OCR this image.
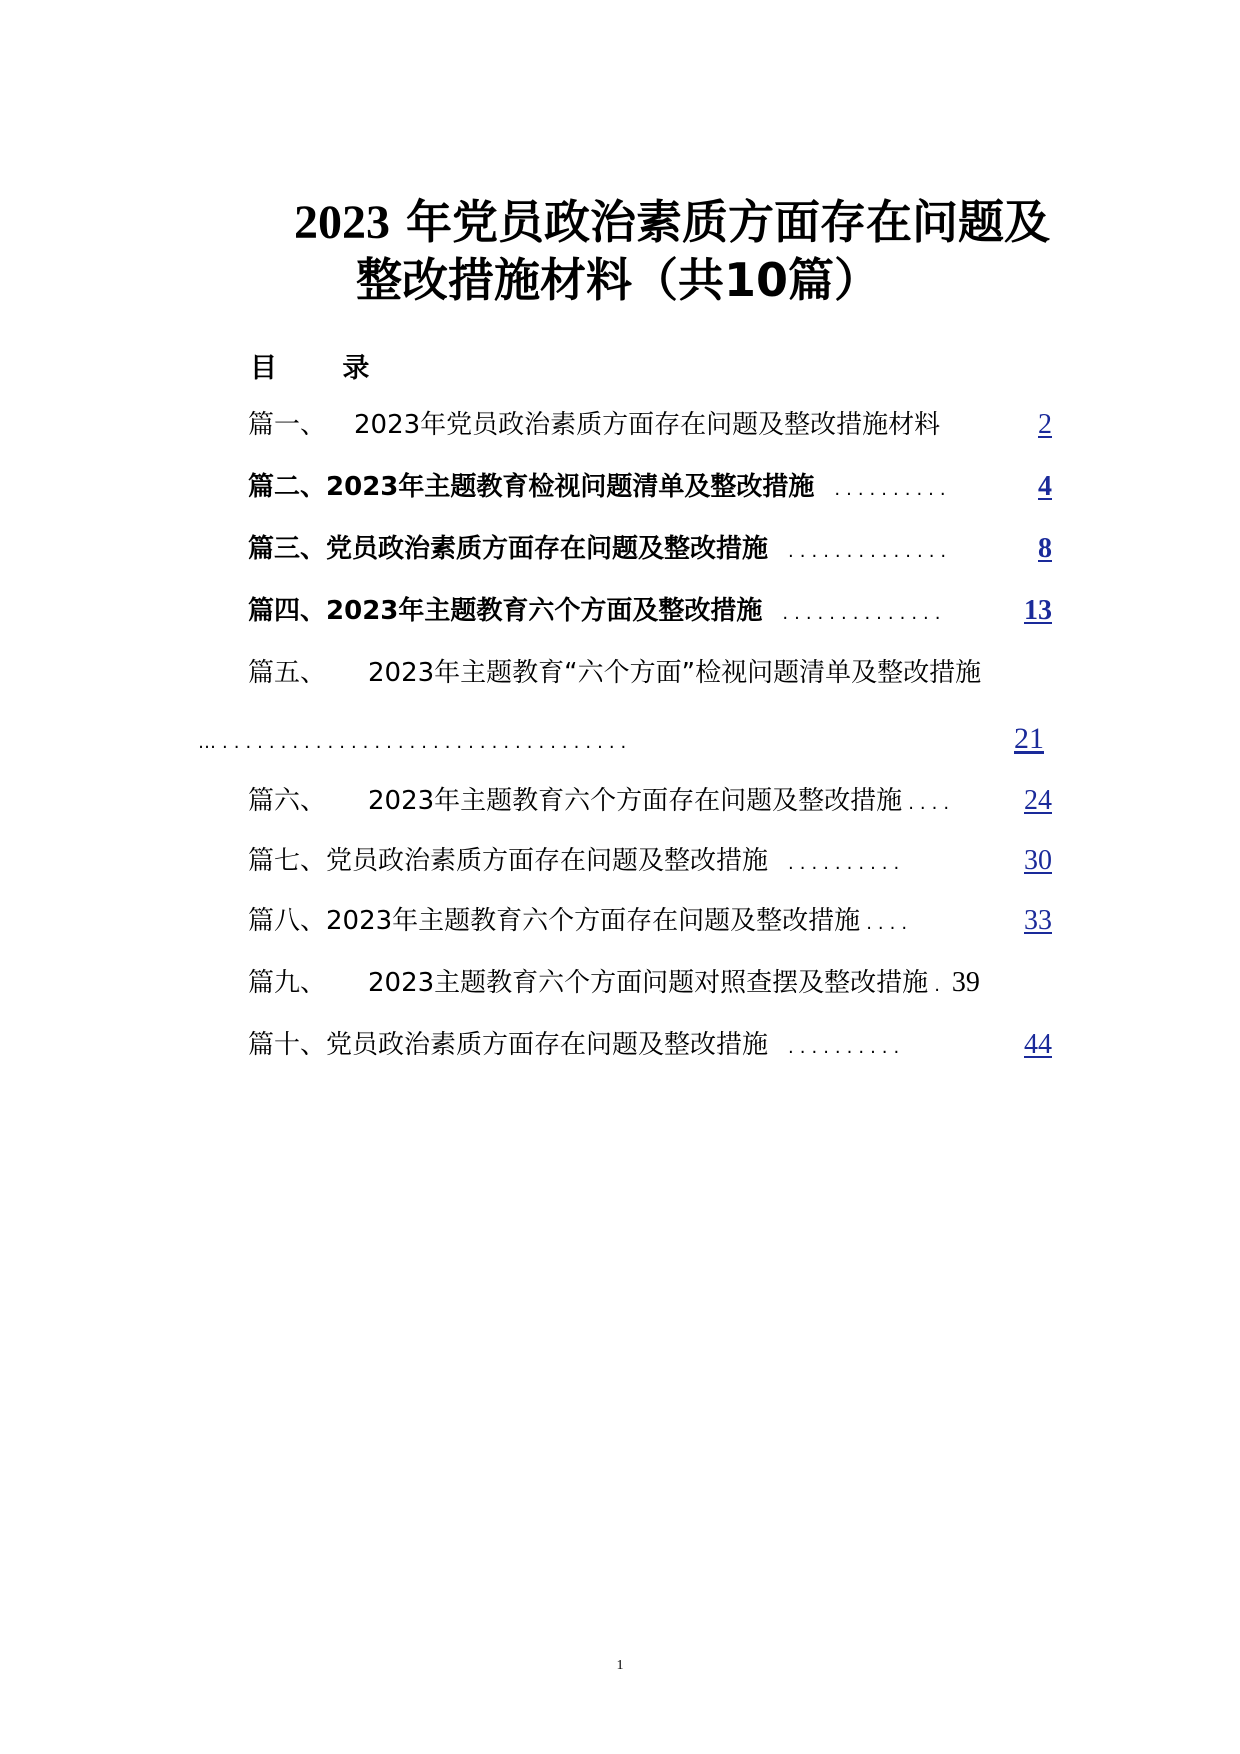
2023 年党员政治素质方面存在问题及
整改措施材料（共10篇）
目 录
篇一、 2023年党员政治素质方面存在问题及整改措施材料	2
篇二、 2023年主题教育检视问题清单及整改措施	..........	4
篇三、 党员政治素质方面存在问题及整改措施	..............	8
篇四、 2023年主题教育六个方面及整改措施	..............	13
篇五、 2023年主题教育“六个方面”检视问题清单及整改措施
…...................................	21
篇六、 2023年主题教育六个方面存在问题及整改措施 ....	24
篇七、 党员政治素质方面存在问题及整改措施	..........	30
篇八、 2023年主题教育六个方面存在问题及整改措施 ....	33
篇九、 2023主题教育六个方面问题对照查摆及整改措施 . 39
篇十、 党员政治素质方面存在问题及整改措施	..........	44
1
